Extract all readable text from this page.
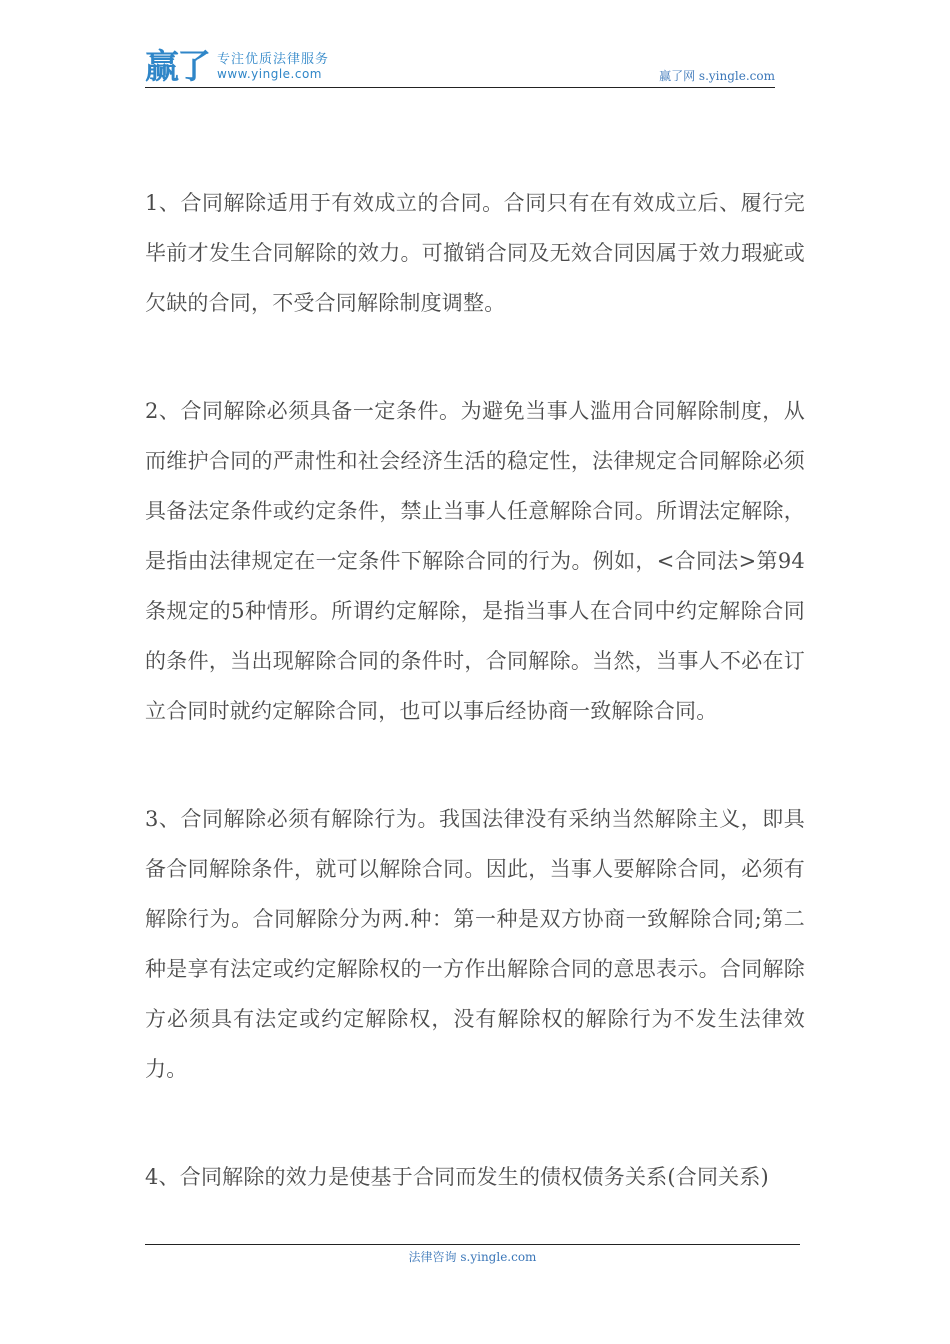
赢了 专注优质法律服务
www.yingle.com	赢了网 s.yingle.com

1、合同解除适用于有效成立的合同。合同只有在有效成立后、履行完毕前才发生合同解除的效力。可撤销合同及无效合同因属于效力瑕疵或欠缺的合同，不受合同解除制度调整。

2、合同解除必须具备一定条件。为避免当事人滥用合同解除制度，从而维护合同的严肃性和社会经济生活的稳定性，法律规定合同解除必须具备法定条件或约定条件，禁止当事人任意解除合同。所谓法定解除，是指由法律规定在一定条件下解除合同的行为。例如，<合同法>第94条规定的5种情形。所谓约定解除，是指当事人在合同中约定解除合同的条件，当出现解除合同的条件时，合同解除。当然，当事人不必在订立合同时就约定解除合同，也可以事后经协商一致解除合同。

3、合同解除必须有解除行为。我国法律没有采纳当然解除主义，即具备合同解除条件，就可以解除合同。因此，当事人要解除合同，必须有解除行为。合同解除分为两.种：第一种是双方协商一致解除合同;第二种是享有法定或约定解除权的一方作出解除合同的意思表示。合同解除方必须具有法定或约定解除权，没有解除权的解除行为不发生法律效力。

4、合同解除的效力是使基于合同而发生的债权债务关系(合同关系)

法律咨询 s.yingle.com
